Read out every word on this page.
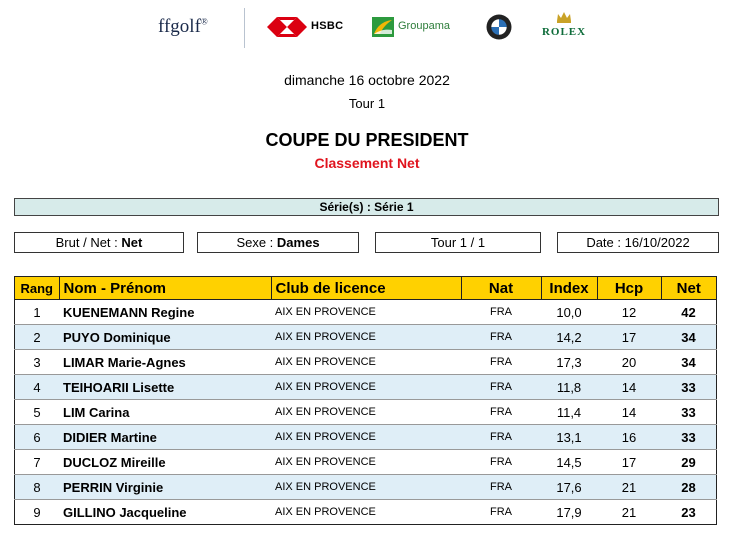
ffgolf®	HSBC	Groupama	ROLEX
dimanche 16 octobre 2022
Tour 1
COUPE DU PRESIDENT
Classement Net
Série(s) : Série 1
Brut / Net : Net	Sexe : Dames	Tour 1 / 1	Date : 16/10/2022
Rang	Nom - Prénom	Club de licence	Nat	Index	Hcp	Net
1	KUENEMANN Regine	AIX EN PROVENCE	FRA	10,0	12	42
2	PUYO Dominique	AIX EN PROVENCE	FRA	14,2	17	34
3	LIMAR Marie-Agnes	AIX EN PROVENCE	FRA	17,3	20	34
4	TEIHOARII Lisette	AIX EN PROVENCE	FRA	11,8	14	33
5	LIM Carina	AIX EN PROVENCE	FRA	11,4	14	33
6	DIDIER Martine	AIX EN PROVENCE	FRA	13,1	16	33
7	DUCLOZ Mireille	AIX EN PROVENCE	FRA	14,5	17	29
8	PERRIN Virginie	AIX EN PROVENCE	FRA	17,6	21	28
9	GILLINO Jacqueline	AIX EN PROVENCE	FRA	17,9	21	23
